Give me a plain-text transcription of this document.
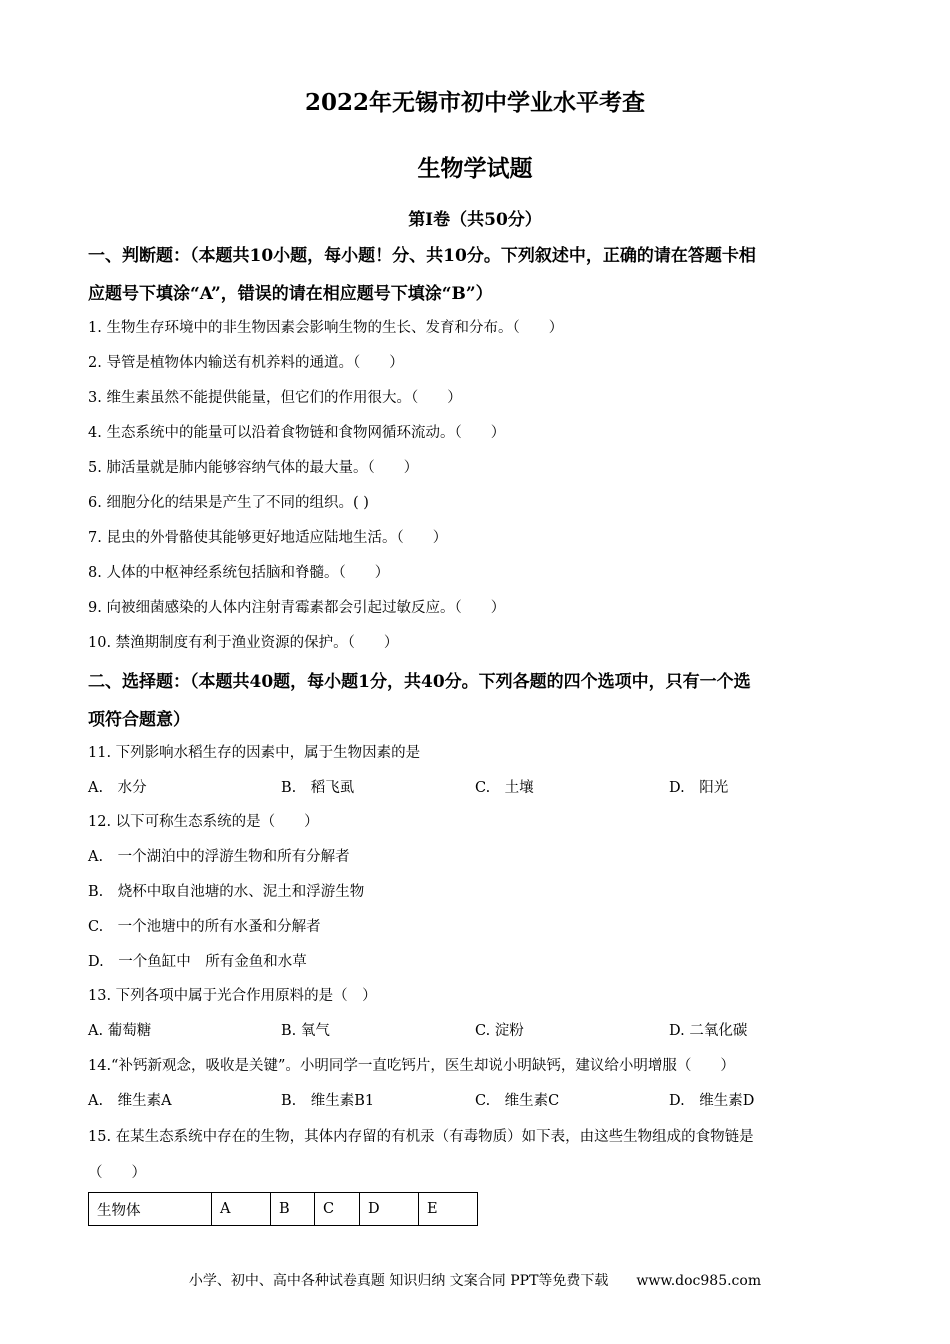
2022年无锡市初中学业水平考查
生物学试题
第Ⅰ卷（共50分）
一、判断题：（本题共10小题，每小题！分、共10分。下列叙述中，正确的请在答题卡相
应题号下填涂“A”，错误的请在相应题号下填涂“B”）
1. 生物生存环境中的非生物因素会影响生物的生长、发育和分布。（　　）
2. 导管是植物体内输送有机养料的通道。（　　）
3. 维生素虽然不能提供能量，但它们的作用很大。（　　）
4. 生态系统中的能量可以沿着食物链和食物网循环流动。（　　）
5. 肺活量就是肺内能够容纳气体的最大量。（　　）
6. 细胞分化的结果是产生了不同的组织。( )
7. 昆虫的外骨骼使其能够更好地适应陆地生活。（　　）
8. 人体的中枢神经系统包括脑和脊髓。（　　）
9. 向被细菌感染的人体内注射青霉素都会引起过敏反应。（　　）
10. 禁渔期制度有利于渔业资源的保护。（　　）
二、选择题：（本题共40题，每小题1分，共40分。下列各题的四个选项中，只有一个选
项符合题意）
11. 下列影响水稻生存的因素中，属于生物因素的是
A.　水分	B.　稻飞虱	C.　土壤	D.　阳光
12. 以下可称生态系统的是（　　）
A.　一个湖泊中的浮游生物和所有分解者
B.　烧杯中取自池塘的水、泥土和浮游生物
C.　一个池塘中的所有水蚤和分解者
D.　一个鱼缸中　所有金鱼和水草
13. 下列各项中属于光合作用原料的是（　）
A. 葡萄糖	B. 氧气	C. 淀粉	D. 二氧化碳
14.“补钙新观念，吸收是关键”。小明同学一直吃钙片，医生却说小明缺钙，建议给小明增服（　　）
A.　维生素A	B.　维生素B1	C.　维生素C	D.　维生素D
15. 在某生态系统中存在的生物，其体内存留的有机汞（有毒物质）如下表，由这些生物组成的食物链是
（　　）
生物体	A	B	C	D	E
小学、初中、高中各种试卷真题 知识归纳 文案合同 PPT等免费下载　　www.doc985.com
